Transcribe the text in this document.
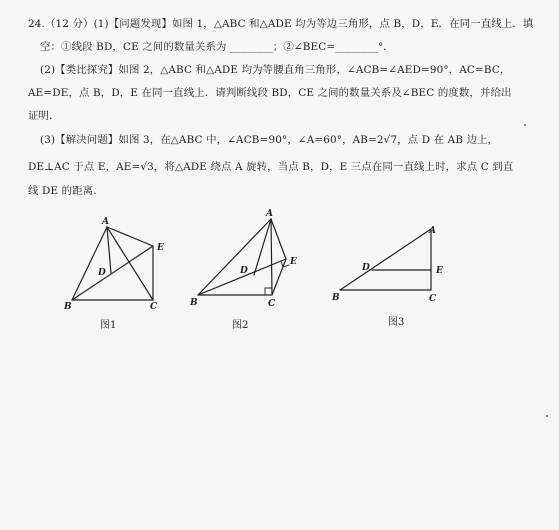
24.（12 分）(1)【问题发现】如图 1，△ABC 和△ADE 均为等边三角形，点 B，D，E．在同一直线上．填
空：①线段 BD，CE 之间的数量关系为 ________；②∠BEC=________°．
(2)【类比探究】如图 2，△ABC 和△ADE 均为等腰直角三角形，∠ACB=∠AED=90°，AC=BC，
AE=DE，点 B，D，E 在同一直线上．请判断线段 BD，CE 之间的数量关系及∠BEC 的度数，并给出
证明．
(3)【解决问题】如图 3，在△ABC 中，∠ACB=90°，∠A=60°，AB=2√7，点 D 在 AB 边上，
DE⊥AC 于点 E，AE=√3，将△ADE 绕点 A 旋转，当点 B，D，E 三点在同一直线上时，求点 C 到直
线 DE 的距离．
A
B	C
D
E
A
B	C
D
E
A
B	C
D	E
图1	图2	图3
